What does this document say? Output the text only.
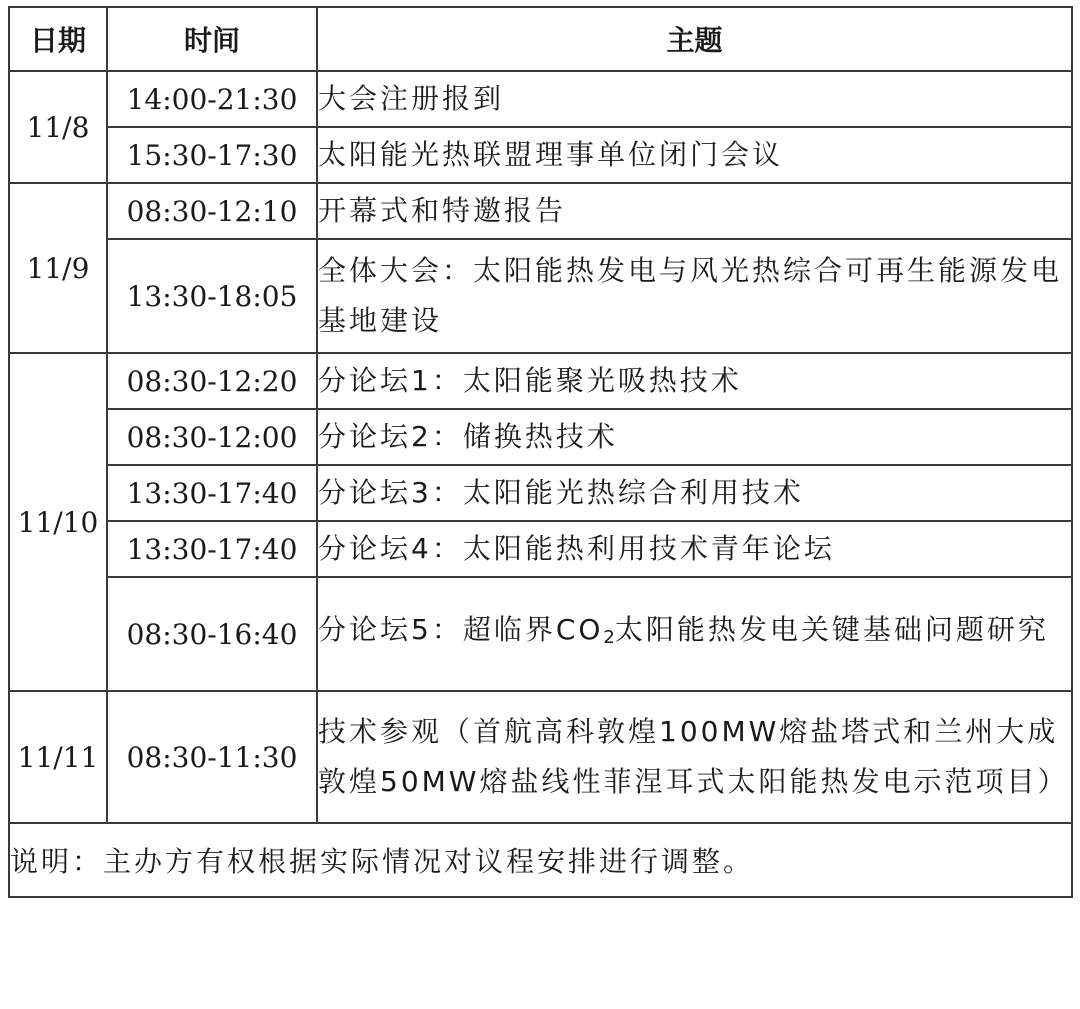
日期	时间	主题
11/8	14:00-21:30	大会注册报到
	15:30-17:30	太阳能光热联盟理事单位闭门会议
11/9	08:30-12:10	开幕式和特邀报告
	13:30-18:05	全体大会：太阳能热发电与风光热综合可再生能源发电基地建设
11/10	08:30-12:20	分论坛1：太阳能聚光吸热技术
	08:30-12:00	分论坛2：储换热技术
	13:30-17:40	分论坛3：太阳能光热综合利用技术
	13:30-17:40	分论坛4：太阳能热利用技术青年论坛
	08:30-16:40	分论坛5：超临界$CO_2$太阳能热发电关键基础问题研究
11/11	08:30-11:30	技术参观（首航高科敦煌100MW熔盐塔式和兰州大成敦煌50MW熔盐线性菲涅耳式太阳能热发电示范项目）
说明：主办方有权根据实际情况对议程安排进行调整。		
